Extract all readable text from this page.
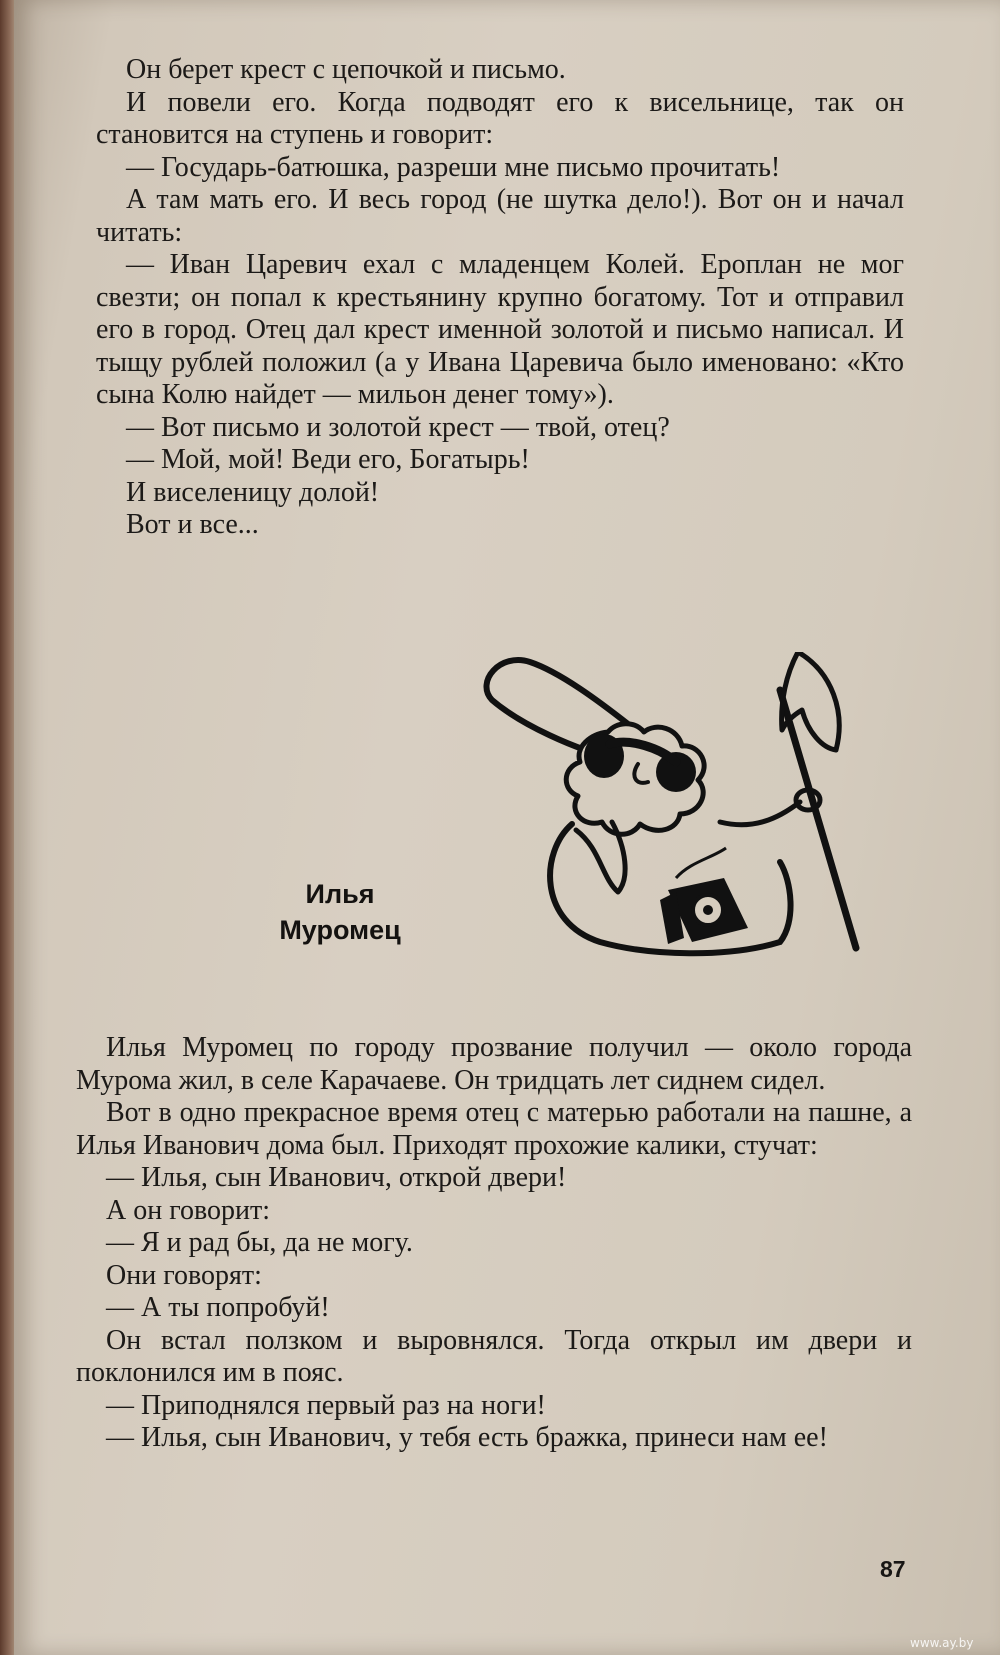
Он берет крест с цепочкой и письмо.

И повели его. Когда подводят его к висельнице, так он становится на ступень и говорит:

— Государь-батюшка, разреши мне письмо прочитать!

А там мать его. И весь город (не шутка дело!). Вот он и начал читать:

— Иван Царевич ехал с младенцем Колей. Ероплан не мог свезти; он попал к крестьянину крупно богатому. Тот и отправил его в город. Отец дал крест именной золотой и письмо написал. И тыщу рублей положил (а у Ивана Царевича было именовано: «Кто сына Колю найдет — мильон денег тому»).

— Вот письмо и золотой крест — твой, отец?

— Мой, мой! Веди его, Богатырь!

И виселеницу долой!

Вот и все...

Илья
Муромец

Илья Муромец по городу прозвание получил — около города Мурома жил, в селе Карачаеве. Он тридцать лет сиднем сидел.

Вот в одно прекрасное время отец с матерью работали на пашне, а Илья Иванович дома был. Приходят прохожие калики, стучат:

— Илья, сын Иванович, открой двери!

А он говорит:

— Я и рад бы, да не могу.

Они говорят:

— А ты попробуй!

Он встал ползком и выровнялся. Тогда открыл им двери и поклонился им в пояс.

— Приподнялся первый раз на ноги!

— Илья, сын Иванович, у тебя есть бражка, принеси нам ее!

87
www.ay.by
